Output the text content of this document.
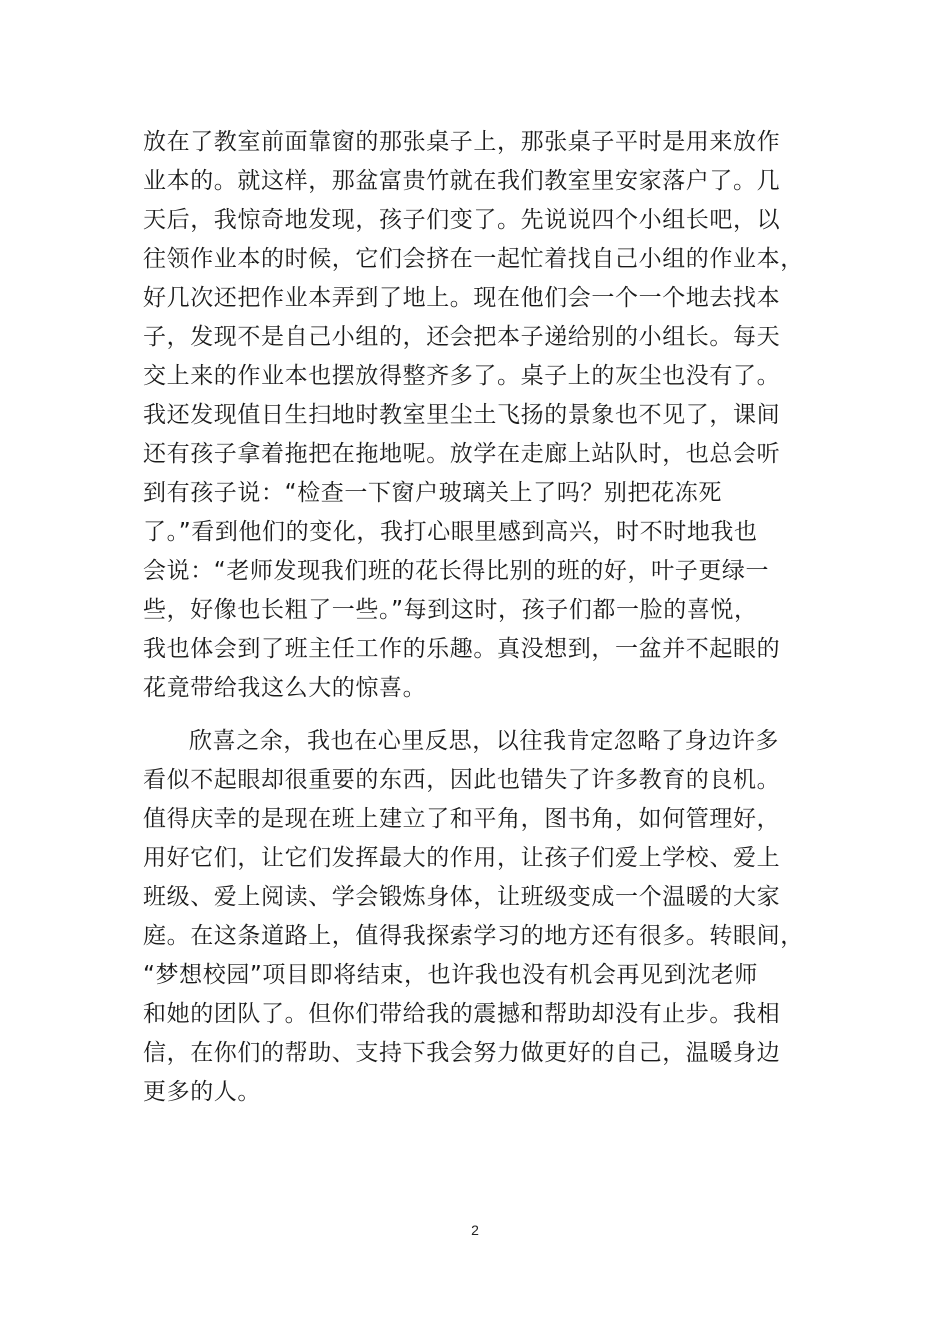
放在了教室前面靠窗的那张桌子上，那张桌子平时是用来放作
业本的。就这样，那盆富贵竹就在我们教室里安家落户了。几
天后，我惊奇地发现，孩子们变了。先说说四个小组长吧，以
往领作业本的时候，它们会挤在一起忙着找自己小组的作业本，
好几次还把作业本弄到了地上。现在他们会一个一个地去找本
子，发现不是自己小组的，还会把本子递给别的小组长。每天
交上来的作业本也摆放得整齐多了。桌子上的灰尘也没有了。
我还发现值日生扫地时教室里尘土飞扬的景象也不见了，课间
还有孩子拿着拖把在拖地呢。放学在走廊上站队时，也总会听
到有孩子说：“检查一下窗户玻璃关上了吗？别把花冻死
了。”看到他们的变化，我打心眼里感到高兴，时不时地我也
会说：“老师发现我们班的花长得比别的班的好，叶子更绿一
些，好像也长粗了一些。”每到这时，孩子们都一脸的喜悦，
我也体会到了班主任工作的乐趣。真没想到，一盆并不起眼的
花竟带给我这么大的惊喜。
欣喜之余，我也在心里反思，以往我肯定忽略了身边许多
看似不起眼却很重要的东西，因此也错失了许多教育的良机。
值得庆幸的是现在班上建立了和平角，图书角，如何管理好，
用好它们，让它们发挥最大的作用，让孩子们爱上学校、爱上
班级、爱上阅读、学会锻炼身体，让班级变成一个温暖的大家
庭。在这条道路上，值得我探索学习的地方还有很多。转眼间，
“梦想校园”项目即将结束，也许我也没有机会再见到沈老师
和她的团队了。但你们带给我的震撼和帮助却没有止步。我相
信，在你们的帮助、支持下我会努力做更好的自己，温暖身边
更多的人。
2
